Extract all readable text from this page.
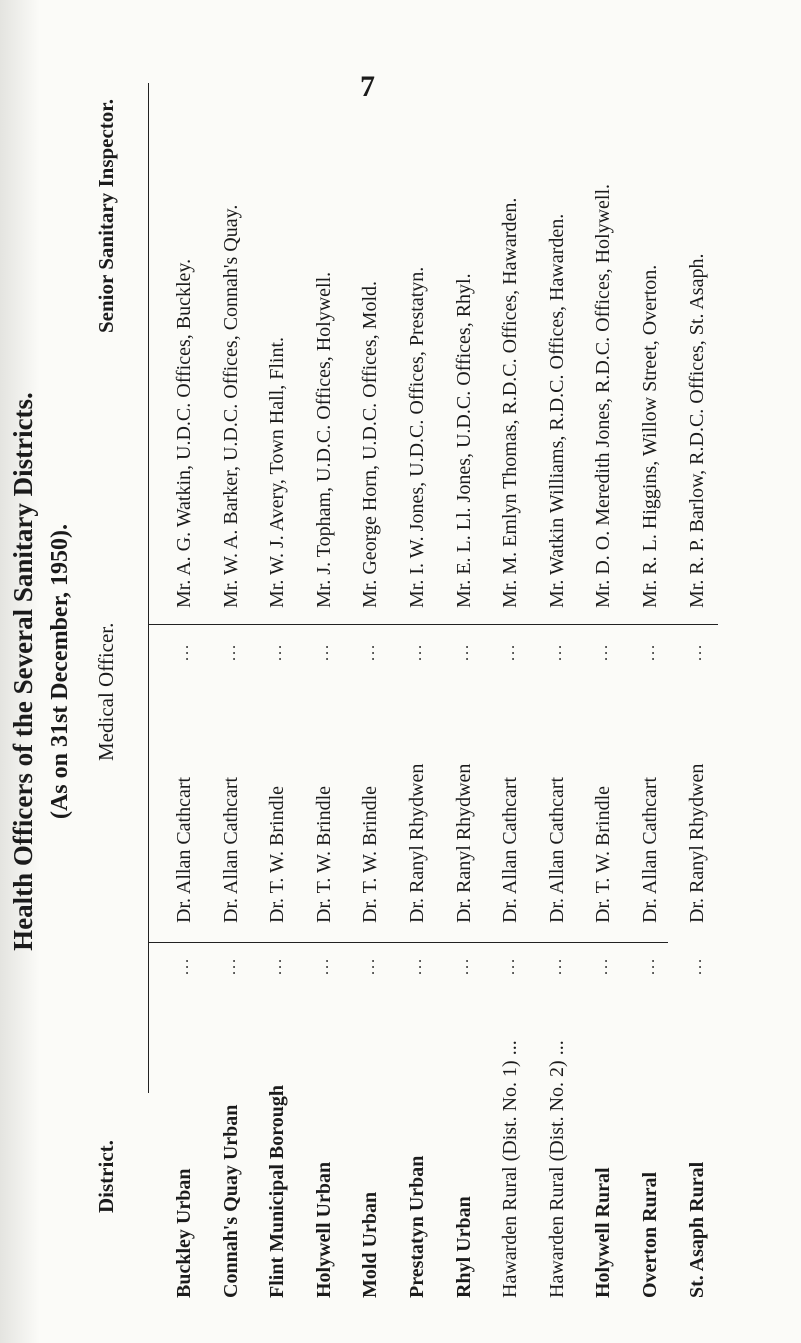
7
Health Officers of the Several Sanitary Districts. (As on 31st December, 1950).
District.
Medical Officer.
Senior Sanitary Inspector.
Buckley Urban
...
Dr. Allan Cathcart
...
Mr. A. G. Watkin, U.D.C. Offices, Buckley.
Connah's Quay Urban
...
Dr. Allan Cathcart
...
Mr. W. A. Barker, U.D.C. Offices, Connah's Quay.
Flint Municipal Borough
...
Dr. T. W. Brindle
...
Mr. W. J. Avery, Town Hall, Flint.
Holywell Urban
...
Dr. T. W. Brindle
...
Mr. J. Topham, U.D.C. Offices, Holywell.
Mold Urban
...
Dr. T. W. Brindle
...
Mr. George Horn, U.D.C. Offices, Mold.
Prestatyn Urban
...
Dr. Ranyl Rhydwen
...
Mr. I. W. Jones, U.D.C. Offices, Prestatyn.
Rhyl Urban
...
Dr. Ranyl Rhydwen
...
Mr. E. L. Ll. Jones, U.D.C. Offices, Rhyl.
Hawarden Rural (Dist. No. 1) ...
...
Dr. Allan Cathcart
...
Mr. M. Emlyn Thomas, R.D.C. Offices, Hawarden.
Hawarden Rural (Dist. No. 2) ...
...
Dr. Allan Cathcart
...
Mr. Watkin Williams, R.D.C. Offices, Hawarden.
Holywell Rural
...
Dr. T. W. Brindle
...
Mr. D. O. Meredith Jones, R.D.C. Offices, Holywell.
Overton Rural
...
Dr. Allan Cathcart
...
Mr. R. L. Higgins, Willow Street, Overton.
St. Asaph Rural
...
Dr. Ranyl Rhydwen
...
Mr. R. P. Barlow, R.D.C. Offices, St. Asaph.
